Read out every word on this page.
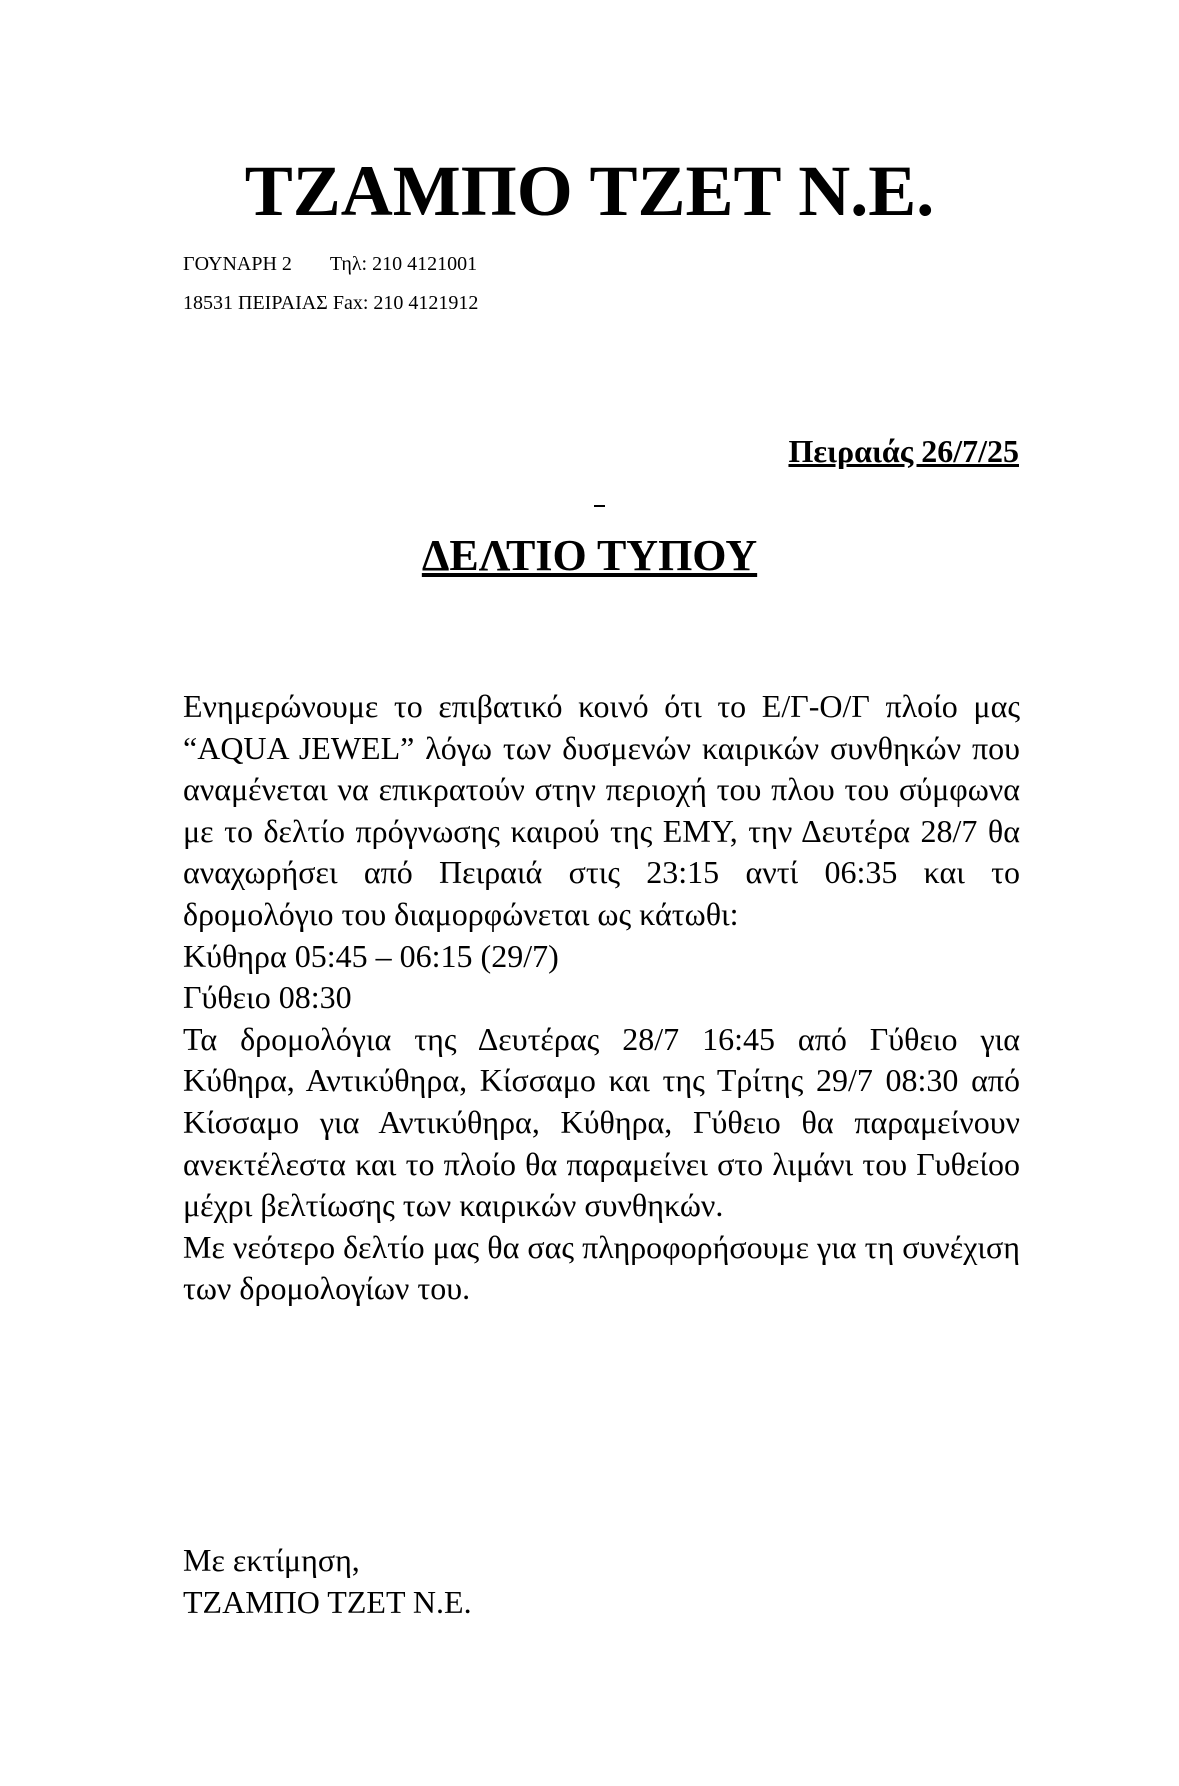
ΤΖΑΜΠΟ ΤΖΕΤ Ν.Ε.
ΓΟΥΝΑΡΗ 2 Τηλ: 210 4121001
18531 ΠΕΙΡΑΙΑΣ Fax: 210 4121912
Πειραιάς 26/7/25
ΔΕΛΤΙΟ ΤΥΠΟΥ

Ενημερώνουμε το επιβατικό κοινό ότι το Ε/Γ-Ο/Γ πλοίο μας “AQUA JEWEL” λόγω των δυσμενών καιρικών συνθηκών που αναμένεται να επικρατούν στην περιοχή του πλου του σύμφωνα με το δελτίο πρόγνωσης καιρού της ΕΜΥ, την Δευτέρα 28/7 θα αναχωρήσει από Πειραιά στις 23:15 αντί 06:35 και το δρομολόγιο του διαμορφώνεται ως κάτωθι:

Κύθηρα 05:45 – 06:15 (29/7)

Γύθειο 08:30

Τα δρομολόγια της Δευτέρας 28/7 16:45 από Γύθειο για Κύθηρα, Αντικύθηρα, Κίσσαμο και της Τρίτης 29/7 08:30 από Κίσσαμο για Αντικύθηρα, Κύθηρα, Γύθειο θα παραμείνουν ανεκτέλεστα και το πλοίο θα παραμείνει στο λιμάνι του Γυθείοο μέχρι βελτίωσης των καιρικών συνθηκών.

Με νεότερο δελτίο μας θα σας πληροφορήσουμε για τη συνέχιση των δρομολογίων του.

Με εκτίμηση,
ΤΖΑΜΠΟ ΤΖΕΤ Ν.Ε.
